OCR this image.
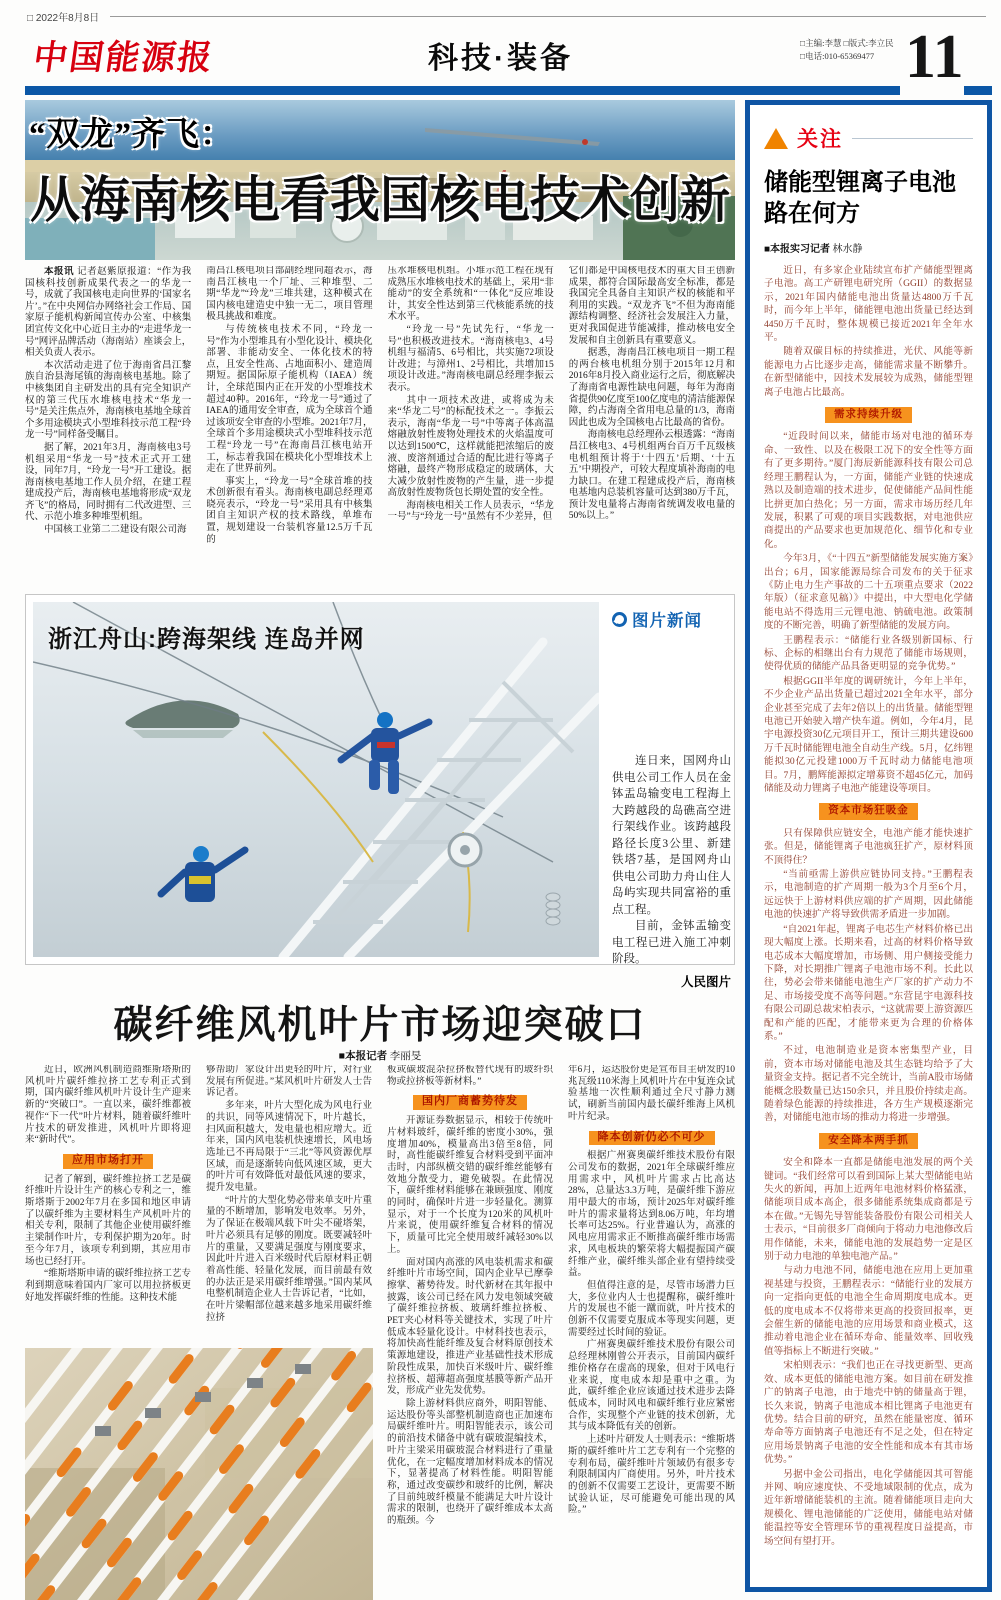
□ 2022年8月8日
中国能源报	科技·装备	□主编:李慧 □版式:李立民
□电话:010-65369477 11
“双龙”齐飞：
从海南核电看我国核电技术创新

本报讯 记者赵紫原报道：“作为我国核科技创新成果代表之一的华龙一号，成就了我国核电走向世界的‘国家名片’。”在中央网信办网络社会工作局、国家原子能机构新闻宣传办公室、中核集团宣传文化中心近日主办的“走进华龙一号”网评品牌活动（海南站）座谈会上，相关负责人表示。

本次活动走进了位于海南省昌江黎族自治县海尾镇的海南核电基地。除了中核集团自主研发出的具有完全知识产权的第三代压水堆核电技术“华龙一号”是关注焦点外，海南核电基地全球首个多用途模块式小型堆科技示范工程“玲龙一号”同样备受瞩目。

据了解，2021年3月，海南核电3号机组采用“华龙一号”技术正式开工建设，同年7月，“玲龙一号”开工建设。据海南核电基地工作人员介绍，在建工程建成投产后，海南核电基地将形成“双龙齐飞”的格局，同时拥有二代改进型、三代、示范小堆多种堆型机组。

中国核工业第二二建设有限公司海

南昌江核电项目部副经理向超表示，海南昌江核电一个厂址、三种堆型、二期“华龙”“玲龙”三堆共建，这种模式在国内核电建造史中独一无二，项目管理极具挑战和难度。

与传统核电技术不同，“玲龙一号”作为小型堆具有小型化设计、模块化部署、非能动安全、一体化技术的特点，且安全性高、占地面积小、建造周期短。据国际原子能机构（IAEA）统计，全球范围内正在开发的小型堆技术超过40种。2016年，“玲龙一号”通过了IAEA的通用安全审查，成为全球首个通过该项安全审查的小型堆。2021年7月，全球首个多用途模块式小型堆科技示范工程“玲龙一号”在海南昌江核电站开工，标志着我国在模块化小型堆技术上走在了世界前列。

事实上，“玲龙一号”全球首堆的技术创新很有看头。海南核电副总经理邓晓亮表示，“玲龙一号”采用具有中核集团自主知识产权的技术路线，单堆布置，规划建设一台装机容量12.5万千瓦的

压水堆核电机组。小堆示范工程在现有成熟压水堆核电技术的基础上，采用“非能动”的安全系统和“一体化”反应堆设计，其安全性达到第三代核能系统的技术水平。

“玲龙一号”先试先行，“华龙一号”也积极改进技术。“海南核电3、4号机组与福清5、6号相比，共实施72项设计改进；与漳州1、2号相比，共增加15项设计改进。”海南核电副总经理李振云表示。

其中一项技术改进，或将成为未来“华龙二号”的标配技术之一。李振云表示，海南“华龙一号”中等离子体高温熔融放射性废物处理技术的火焰温度可以达到1500℃，这样就能把浓缩后的废液、废溶剂通过合适的配比进行等离子熔融，最终产物形成稳定的玻璃体，大大减少放射性废物的产生量，进一步提高放射性废物货包长期处置的安全性。

海南核电相关工作人员表示，“华龙一号”与“玲龙一号”虽然有不少差异，但

它们都是中国核电技术的重大自主创新成果，都符合国际最高安全标准，都是我国完全具备自主知识产权的核能和平利用的实践。“双龙齐飞”不但为海南能源结构调整、经济社会发展注入力量，更对我国促进节能减排，推动核电安全发展和自主创新具有重要意义。

据悉，海南昌江核电项目一期工程的两台核电机组分别于2015年12月和2016年8月投入商业运行之后，彻底解决了海南省电源性缺电问题，每年为海南省提供90亿度至100亿度电的清洁能源保障，约占海南全省用电总量的1/3，海南因此也成为全国核电占比最高的省份。

海南核电总经理孙云根透露：“海南昌江核电3、4号机组两台百万千瓦级核电机组预计将于‘十四五’后期、‘十五五’中期投产，可较大程度填补海南的电力缺口。在建工程建成投产后，海南核电基地内总装机容量可达到380万千瓦，预计发电量将占海南省统调发收电量的50%以上。”

浙江舟山:跨海架线 连岛并网
图片新闻

连日来，国网舟山供电公司工作人员在金钵盂岛输变电工程海上大跨越段的岛礁高空进行架线作业。该跨越段路径长度3公里、新建铁塔7基，是国网舟山供电公司助力舟山住人岛屿实现共同富裕的重点工程。

目前，金钵盂输变电工程已进入施工冲刺阶段。

人民图片
碳纤维风机叶片市场迎突破口
■本报记者 李丽旻

近日，欧洲风机制造商维斯塔斯的风机叶片碳纤维拉挤工艺专利正式到期，国内碳纤维风机叶片设计生产迎来新的“突破口”。一直以来，碳纤维都被视作“下一代”叶片材料，随着碳纤维叶片技术的研发推进，风机叶片即将迎来“新时代”。

应用市场打开

记者了解到，碳纤维拉挤工艺是碳纤维叶片设计生产的核心专利之一，维斯塔斯于2002年7月在多国和地区申请了以碳纤维为主要材料生产风机叶片的相关专利，限制了其他企业使用碳纤维主梁制作叶片，专利保护期为20年。时至今年7月，该项专利到期，其应用市场也已经打开。

“维斯塔斯申请的碳纤维拉挤工艺专利到期意味着国内厂家可以用拉挤板更好地发挥碳纤维的性能。这种技术能

够帮助厂家设计出更轻的叶片，对行业发展有所促进。”某风机叶片研发人士告诉记者。

多年来，叶片大型化成为风电行业的共识，同等风速情况下，叶片越长，扫风面积越大，发电量也相应增大。近年来，国内风电装机快速增长，风电场选址已不再局限于“三北”等风资源优厚区域，而是逐渐转向低风速区域，更大的叶片可有效降低对最低风速的要求，提升发电量。

“叶片的大型化势必带来单支叶片重量的不断增加，影响发电效率。另外，为了保证在极端风载下叶尖不碰塔架，叶片必须具有足够的刚度。既要减轻叶片的重量，又要满足强度与刚度要求，因此叶片进入百米级时代后原材料正朝着高性能、轻量化发展，而目前最有效的办法正是采用碳纤维增强。”国内某风电整机制造企业人士告诉记者，“比如，在叶片梁帽部位越来越多地采用碳纤维拉挤

板或碳玻混杂拉挤板替代现有的玻纤织物或拉挤板等新材料。”

国内厂商蓄势待发

开源证券数据显示，相较于传统叶片材料玻纤，碳纤维的密度小30%，强度增加40%，模量高出3倍至8倍，同时，高性能碳纤维复合材料受到平面冲击时，内部纵横交错的碳纤维丝能够有效地分散受力，避免破裂。在此情况下，碳纤维材料能够在兼顾强度、刚度的同时，确保叶片进一步轻量化。测算显示，对于一个长度为120米的风机叶片来说，使用碳纤维复合材料的情况下，质量可比完全使用玻纤减轻30%以上。

面对国内高涨的风电装机需求和碳纤维叶片市场空间，国内企业早已摩拳擦掌、蓄势待发。时代新材在其年报中披露，该公司已经在风力发电领域突破了碳纤维拉挤板、玻璃纤维拉挤板、PET夹心材料等关键技术，实现了叶片低成本轻量化设计。中材科技也表示，将加快高性能纤维及复合材料原创技术策源地建设，推进产业基础性技术形成阶段性成果，加快百米级叶片、碳纤维拉挤板、超薄超高强度基膜等新产品开发，形成产业先发优势。

除上游材料供应商外，明阳智能、运达股份等头部整机制造商也正加速布局碳纤维叶片。明阳智能表示，该公司的前沿技术储备中就有碳玻混编技术，叶片主梁采用碳玻混合材料进行了重量优化，在一定幅度增加材料成本的情况下，显著提高了材料性能。明阳智能称，通过改变碳纱和玻纤的比例，解决了目前纯玻纤模量不能满足大叶片设计需求的限制，也绕开了碳纤维成本太高的瓶颈。今

年6月，运达股份更是宣布自主研发的10兆瓦级110米海上风机叶片在中复连众试验基地一次性顺利通过全尺寸静力测试，刷新当前国内最长碳纤维海上风机叶片纪录。

降本创新仍必不可少

根据广州赛奥碳纤维技术股份有限公司发布的数据，2021年全球碳纤维应用需求中，风机叶片需求占比高达28%，总量达3.3万吨，是碳纤维下游应用中最大的市场，预计2025年对碳纤维叶片的需求量将达到8.06万吨，年均增长率可达25%。行业普遍认为，高涨的风电应用需求正不断推高碳纤维市场需求，风电板块的繁荣将大幅提振国产碳纤维产业，碳纤维头部企业有望持续受益。

但值得注意的是，尽管市场潜力巨大，多位业内人士也提醒称，碳纤维叶片的发展也不能一蹴而就，叶片技术的创新不仅需要克服成本等现实问题，更需要经过长时间的验证。

广州赛奥碳纤维技术股份有限公司总经理林刚曾公开表示，目前国内碳纤维价格存在虚高的现象，但对于风电行业来说，度电成本却是重中之重。为此，碳纤维企业应该通过技术进步去降低成本，同时风电和碳纤维行业应紧密合作，实现整个产业链的技术创新，尤其与成本降低有关的创新。

上述叶片研发人士则表示：“维斯塔斯的碳纤维叶片工艺专利有一个完整的专利布局，碳纤维叶片领域仍有很多专利限制国内厂商使用。另外，叶片技术的创新不仅需要工艺设计，更需要不断试验认证，尽可能避免可能出现的风险。”

关注
储能型锂离子电池路在何方
■本报实习记者 林水静

近日，有多家企业陆续宣布扩产储能型锂离子电池。高工产研锂电研究所（GGII）的数据显示，2021年国内储能电池出货量达4800万千瓦时，而今年上半年，储能锂电池出货量已经达到4450万千瓦时，整体规模已接近2021年全年水平。

随着双碳目标的持续推进，光伏、风能等新能源电力占比逐步走高，储能需求量不断攀升。在新型储能中，因技术发展较为成熟，储能型锂离子电池占比最高。

需求持续升级

“近段时间以来，储能市场对电池的循环寿命、一致性、以及在极限工况下的安全性等方面有了更多期待。”厦门海辰新能源科技有限公司总经理王鹏程认为，一方面，储能产业链的快速成熟以及制造端的技术进步，促使储能产品间性能比拼更加白热化；另一方面，需求市场历经几年发展，积累了可观的项目实践数据，对电池供应商提出的产品要求也更加规范化、细节化和专业化。

今年3月，《“十四五”新型储能发展实施方案》出台；6月，国家能源局综合司发布的关于征求《防止电力生产事故的二十五项重点要求（2022年版）（征求意见稿）》中提出，中大型电化学储能电站不得选用三元锂电池、钠硫电池。政策制度的不断完善，明确了新型储能的发展方向。

王鹏程表示：“储能行业各级别新国标、行标、企标的相继出台有力规范了储能市场规则，使得优质的储能产品具备更明显的竞争优势。”

根据GGII半年度的调研统计，今年上半年，不少企业产品出货量已超过2021全年水平，部分企业甚至完成了去年2倍以上的出货量。储能型锂电池已开始驶入增产快车道。例如，今年4月，昆宇电源投资30亿元项目开工，预计三期共建设600万千瓦时储能锂电池全自动生产线。5月，亿纬锂能拟30亿元投建1000万千瓦时动力储能电池项目。7月，鹏辉能源拟定增募资不超45亿元，加码储能及动力锂离子电池产能建设等项目。

资本市场狂吸金

只有保障供应链安全，电池产能才能快速扩张。但是，储能锂离子电池疯狂扩产，原材料顶不顶得住？

“当前亟需上游供应链协同支持。”王鹏程表示，电池制造的扩产周期一般为3个月至6个月，远远快于上游材料供应端的扩产周期，因此储能电池的快速扩产将导致供需矛盾进一步加剧。

“自2021年起，锂离子电芯生产材料价格已出现大幅度上涨。长期来看，过高的材料价格导致电芯成本大幅度增加，市场侧、用户侧接受能力下降，对长期推广锂离子电池市场不利。长此以往，势必会带来储能电池生产厂家的扩产动力不足、市场接受度不高等问题。”东营昆宇电源科技有限公司副总裁宋柏表示，“这就需要上游资源匹配和产能的匹配，才能带来更为合理的价格体系。”

不过，电池制造业是资本密集型产业，目前，资本市场对储能电池及其生态链均给予了大量资金支持。据记者不完全统计，当前A股市场储能概念股数量已达150余只，并且股价持续走高。随着绿色能源的持续推进，各方生产规模逐渐完善，对储能电池市场的推动力将进一步增强。

安全降本两手抓

安全和降本一直都是储能电池发展的两个关键词。“我们经常可以看到国际上某大型储能电站失火的新闻，再加上近两年电池材料价格猛涨，储能项目成本高企，很多储能系统集成商都是亏本在做。”无锡先导智能装备股份有限公司相关人士表示，“目前很多厂商倾向于将动力电池修改后用作储能，未来，储能电池的发展趋势一定是区别于动力电池的单独电池产品。”

与动力电池不同，储能电池在应用上更加重视基建与投资，王鹏程表示：“储能行业的发展方向一定指向更低的电池全生命周期度电成本。更低的度电成本不仅将带来更高的投资回报率，更会催生新的储能电池的应用场景和商业模式，这推动着电池企业在循环寿命、能量效率、回收残值等指标上不断进行突破。”

宋柏则表示：“我们也正在寻找更新型、更高效、成本更低的储能电池方案。如目前在研发推广的钠离子电池，由于地壳中钠的储量高于锂，长久来说，钠离子电池成本相比锂离子电池更有优势。结合目前的研究，虽然在能量密度、循环寿命等方面钠离子电池还有不足之处，但在特定应用场景钠离子电池的安全性能和成本有其市场优势。”

另据中金公司指出，电化学储能因其可智能并网、响应速度快、不受地域限制的优点，成为近年新增储能装机的主流。随着储能项目走向大规模化、锂电池储能的广泛使用，储能电站对储能温控等安全管理环节的重视程度日益提高，市场空间有望打开。
